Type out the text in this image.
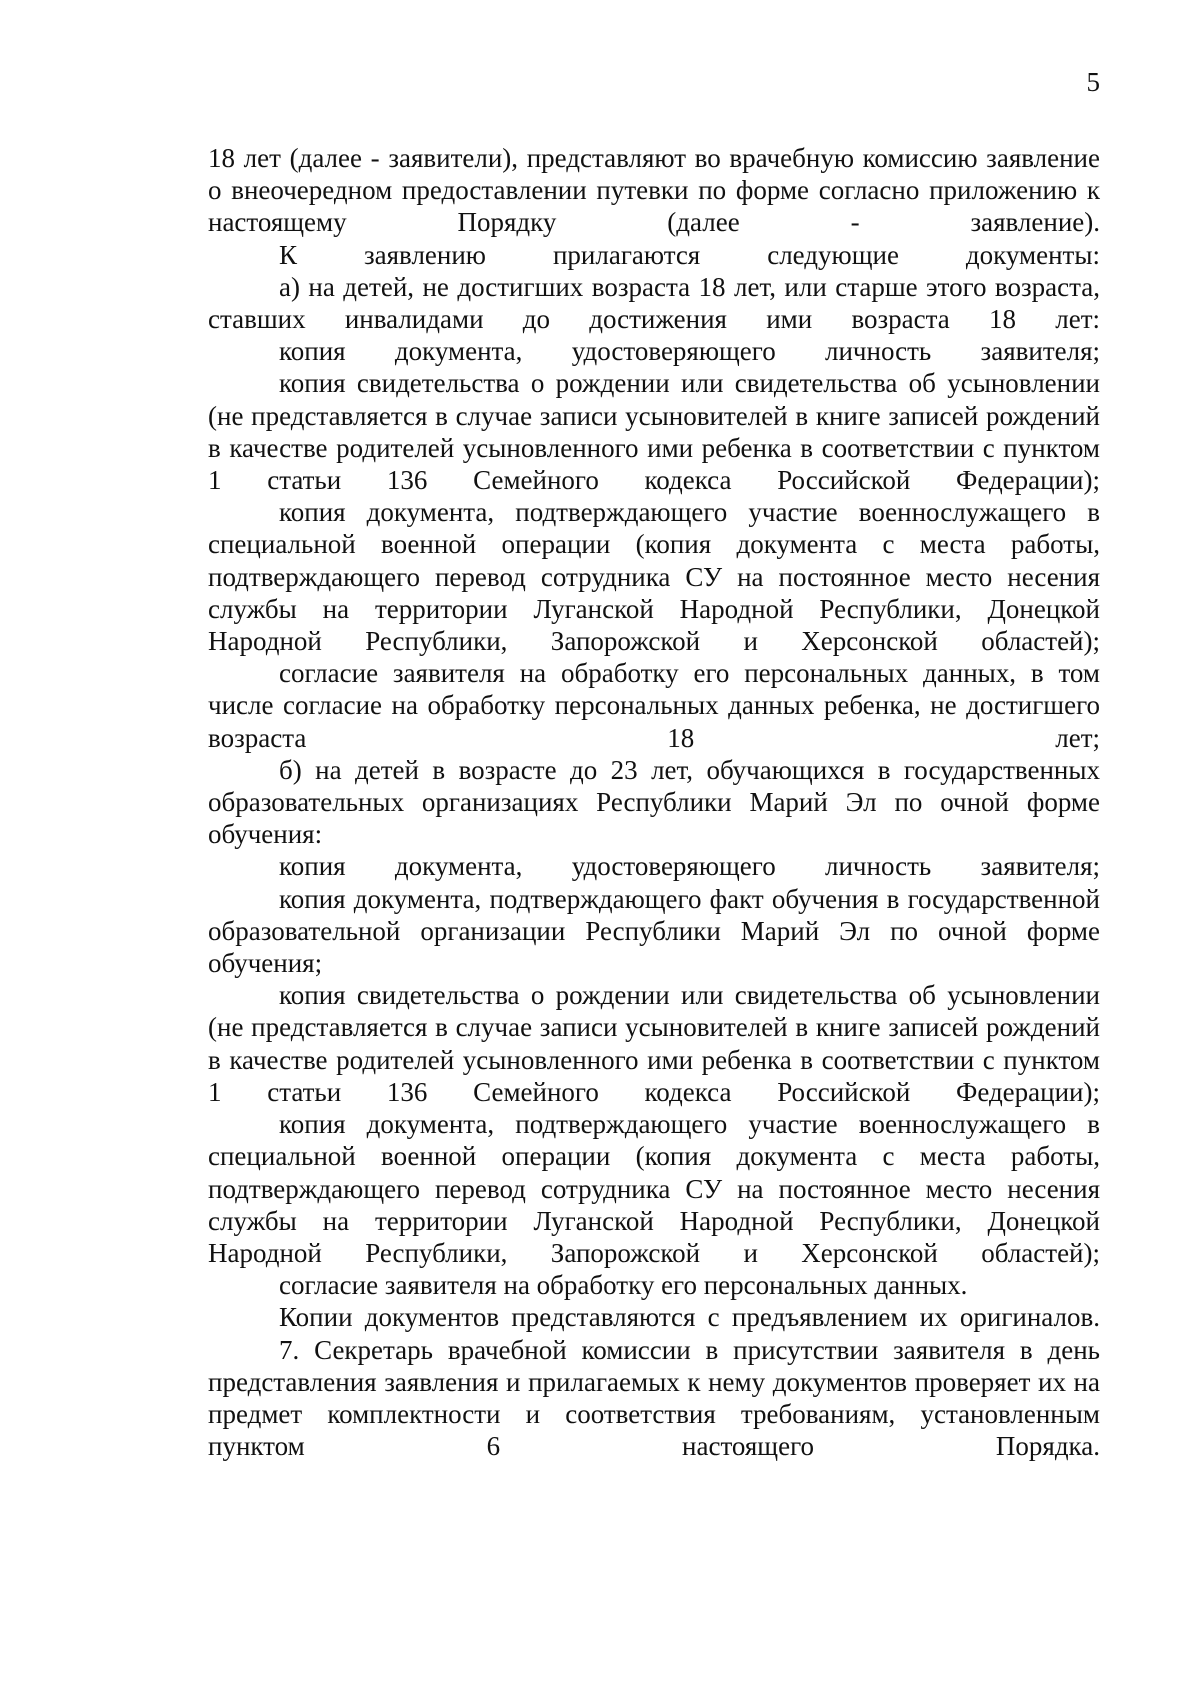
5

18 лет (далее - заявители), представляют во врачебную комиссию заявление о внеочередном предоставлении путевки по форме согласно приложению к настоящему Порядку (далее - заявление).

К заявлению прилагаются следующие документы:

а) на детей, не достигших возраста 18 лет, или старше этого возраста, ставших инвалидами до достижения ими возраста 18 лет:

копия документа, удостоверяющего личность заявителя;

копия свидетельства о рождении или свидетельства об усыновлении (не представляется в случае записи усыновителей в книге записей рождений в качестве родителей усыновленного ими ребенка в соответствии с пунктом 1 статьи 136 Семейного кодекса Российской Федерации);

копия документа, подтверждающего участие военнослужащего в специальной военной операции (копия документа с места работы, подтверждающего перевод сотрудника СУ на постоянное место несения службы на территории Луганской Народной Республики, Донецкой Народной Республики, Запорожской и Херсонской областей);

согласие заявителя на обработку его персональных данных, в том числе согласие на обработку персональных данных ребенка, не достигшего возраста 18 лет;

б) на детей в возрасте до 23 лет, обучающихся в государственных образовательных организациях Республики Марий Эл по очной форме обучения:

копия документа, удостоверяющего личность заявителя;

копия документа, подтверждающего факт обучения в государственной образовательной организации Республики Марий Эл по очной форме обучения;

копия свидетельства о рождении или свидетельства об усыновлении (не представляется в случае записи усыновителей в книге записей рождений в качестве родителей усыновленного ими ребенка в соответствии с пунктом 1 статьи 136 Семейного кодекса Российской Федерации);

копия документа, подтверждающего участие военнослужащего в специальной военной операции (копия документа с места работы, подтверждающего перевод сотрудника СУ на постоянное место несения службы на территории Луганской Народной Республики, Донецкой Народной Республики, Запорожской и Херсонской областей);

согласие заявителя на обработку его персональных данных.

Копии документов представляются с предъявлением их оригиналов.

7. Секретарь врачебной комиссии в присутствии заявителя в день представления заявления и прилагаемых к нему документов проверяет их на предмет комплектности и соответствия требованиям, установленным пунктом 6 настоящего Порядка.
